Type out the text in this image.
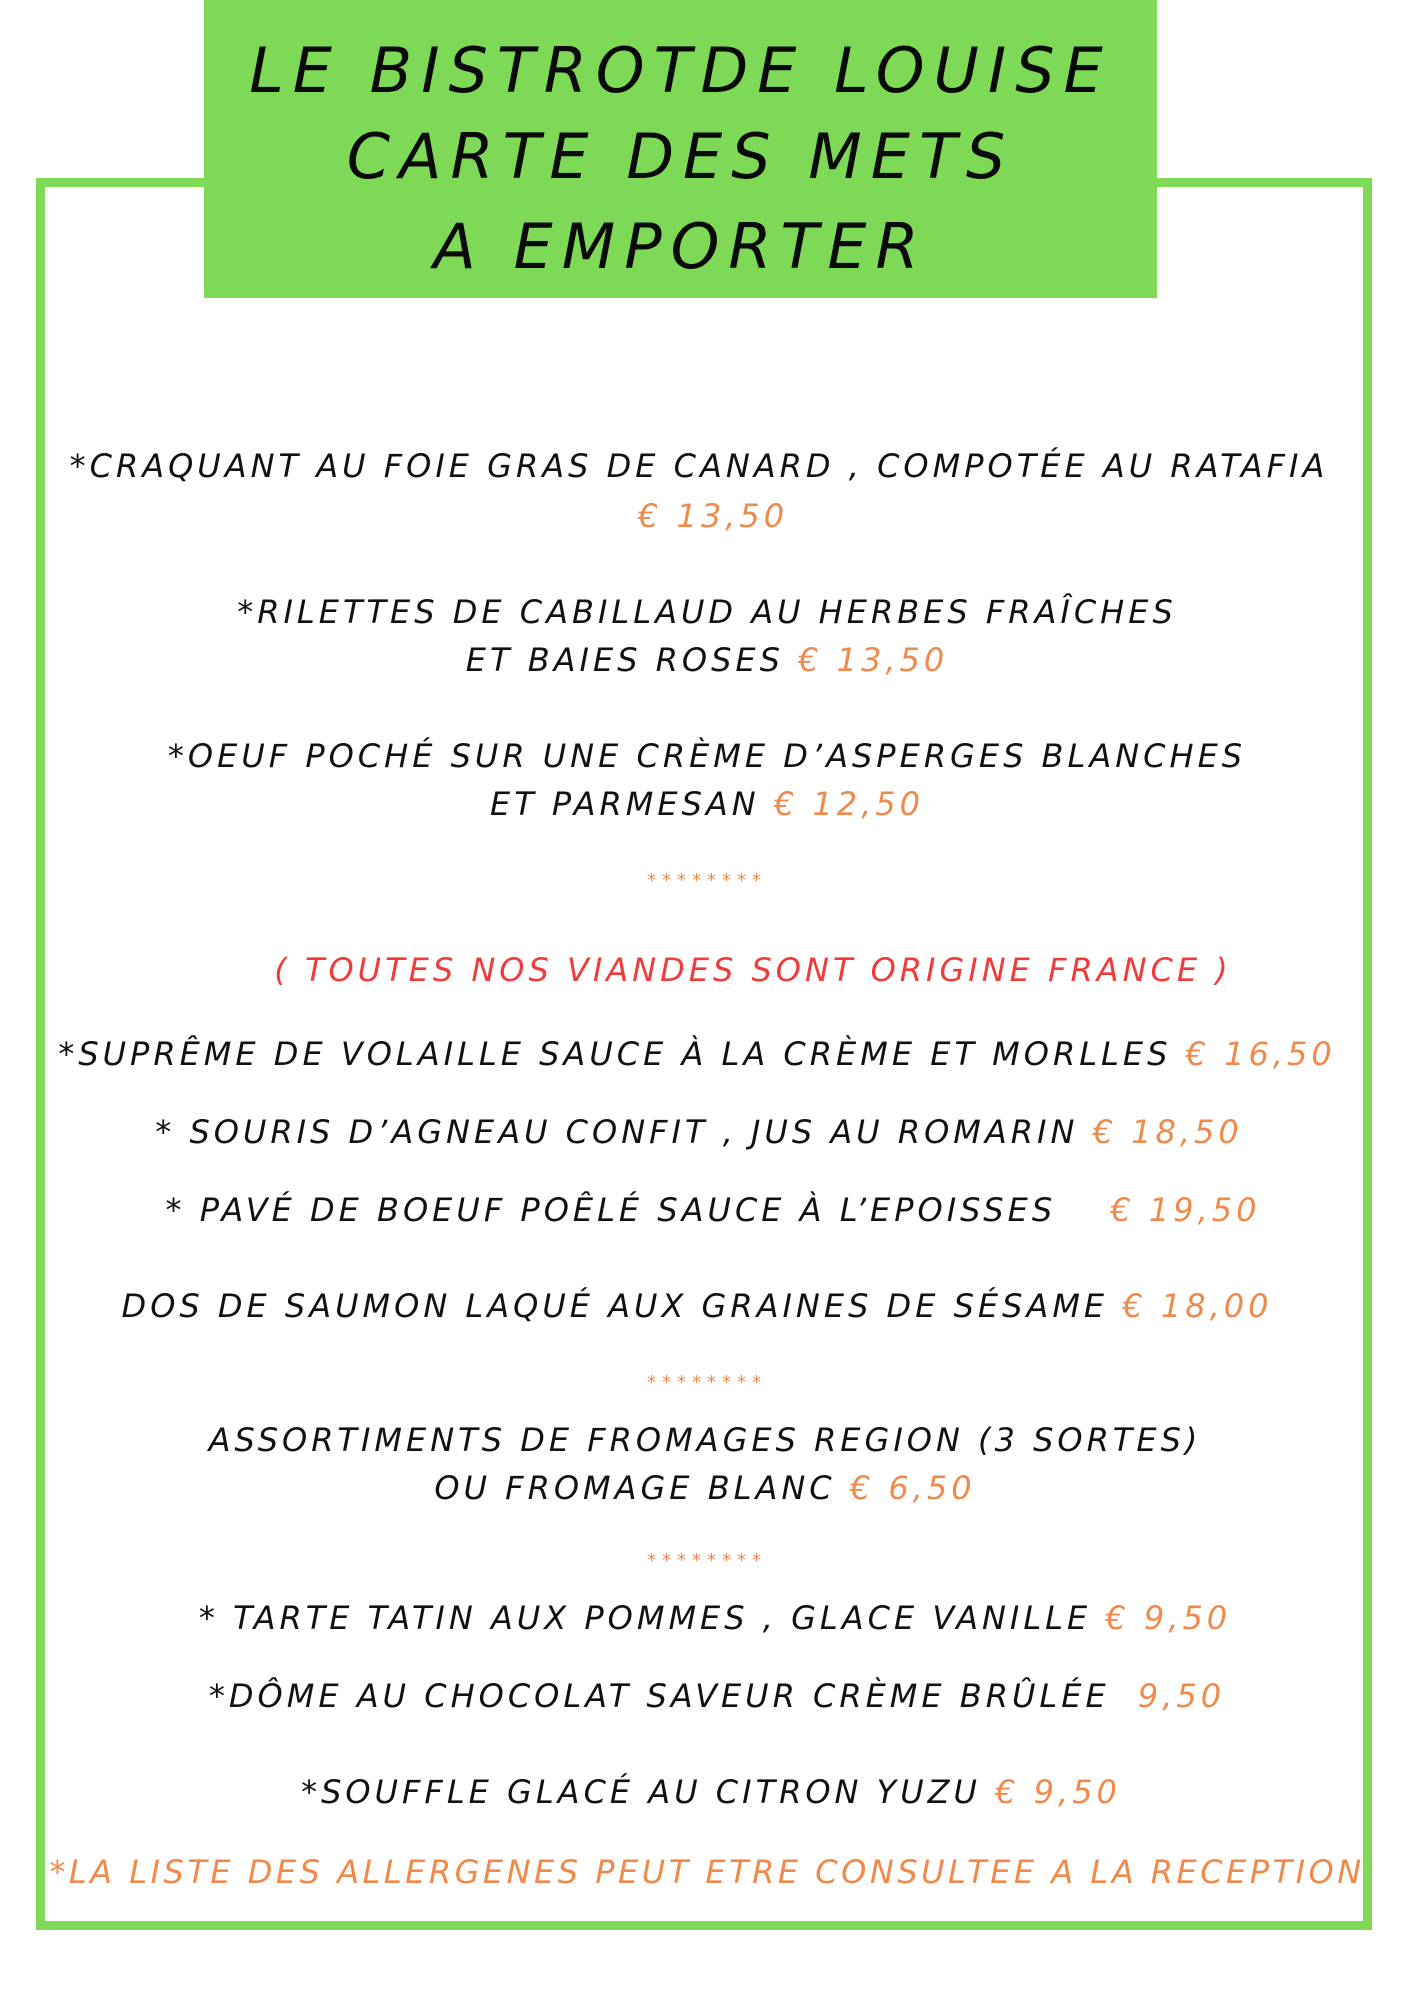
LE BISTROTDE LOUISE
CARTE DES METS
A EMPORTER
*CRAQUANT AU FOIE GRAS DE CANARD , COMPOTÉE AU RATAFIA
€ 13,50
*RILETTES DE CABILLAUD AU HERBES FRAÎCHES
ET BAIES ROSES € 13,50
*OEUF POCHÉ SUR UNE CRÈME D’ASPERGES BLANCHES
ET PARMESAN € 12,50
********
( TOUTES NOS VIANDES SONT ORIGINE FRANCE )
*SUPRÊME DE VOLAILLE SAUCE À LA CRÈME ET MORLLES € 16,50
* SOURIS D’AGNEAU CONFIT , JUS AU ROMARIN € 18,50
* PAVÉ DE BOEUF POÊLÉ SAUCE À L’EPOISSES € 19,50
DOS DE SAUMON LAQUÉ AUX GRAINES DE SÉSAME € 18,00
********
ASSORTIMENTS DE FROMAGES REGION (3 SORTES)
OU FROMAGE BLANC € 6,50
********
* TARTE TATIN AUX POMMES , GLACE VANILLE € 9,50
*DÔME AU CHOCOLAT SAVEUR CRÈME BRÛLÉE 9,50
*SOUFFLE GLACÉ AU CITRON YUZU € 9,50
*LA LISTE DES ALLERGENES PEUT ETRE CONSULTEE A LA RECEPTION
